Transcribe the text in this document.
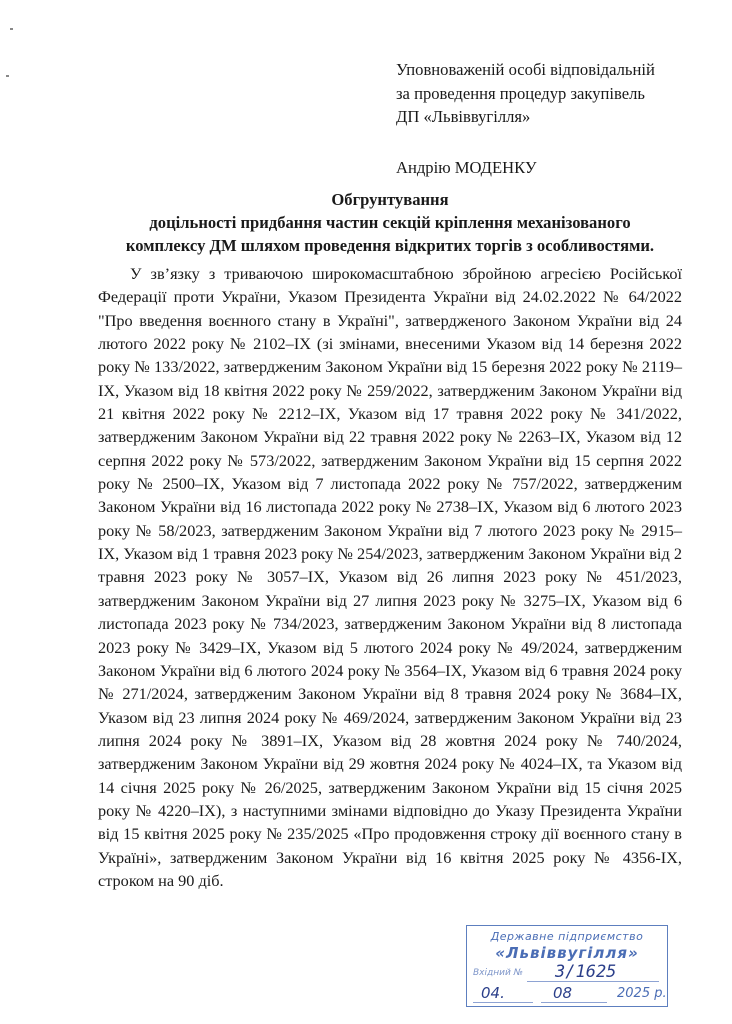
Уповноваженій особі відповідальній
за проведення процедур закупівель
ДП «Львіввугілля»
Андрію МОДЕНКУ
Обгрунтування
доцільності придбання частин секцій кріплення механізованого
комплексу ДМ шляхом проведення відкритих торгів з особливостями.

У зв’язку з триваючою широкомасштабною збройною агресією Російської Федерації проти України, Указом Президента України від 24.02.2022 № 64/2022 "Про введення воєнного стану в Україні", затвердженого Законом України від 24 лютого 2022 року № 2102–IX (зі змінами, внесеними Указом від 14 березня 2022 року № 133/2022, затвердженим Законом України від 15 березня 2022 року № 2119–IX, Указом від 18 квітня 2022 року № 259/2022, затвердженим Законом України від 21 квітня 2022 року № 2212–IX, Указом від 17 травня 2022 року № 341/2022, затвердженим Законом України від 22 травня 2022 року № 2263–IX, Указом від 12 серпня 2022 року № 573/2022, затвердженим Законом України від 15 серпня 2022 року № 2500–IX, Указом від 7 листопада 2022 року № 757/2022, затвердженим Законом України від 16 листопада 2022 року № 2738–IX, Указом від 6 лютого 2023 року № 58/2023, затвердженим Законом України від 7 лютого 2023 року № 2915–IX, Указом від 1 травня 2023 року № 254/2023, затвердженим Законом України від 2 травня 2023 року № 3057–IX, Указом від 26 липня 2023 року № 451/2023, затвердженим Законом України від 27 липня 2023 року № 3275–IX, Указом від 6 листопада 2023 року № 734/2023, затвердженим Законом України від 8 листопада 2023 року № 3429–IX, Указом від 5 лютого 2024 року № 49/2024, затвердженим Законом України від 6 лютого 2024 року № 3564–IX, Указом від 6 травня 2024 року № 271/2024, затвердженим Законом України від 8 травня 2024 року № 3684–IX, Указом від 23 липня 2024 року № 469/2024, затвердженим Законом України від 23 липня 2024 року № 3891–IX, Указом від 28 жовтня 2024 року № 740/2024, затвердженим Законом України від 29 жовтня 2024 року № 4024–IX, та Указом від 14 січня 2025 року № 26/2025, затвердженим Законом України від 15 січня 2025 року № 4220–IX), з наступними змінами відповідно до Указу Президента України від 15 квітня 2025 року № 235/2025 «Про продовження строку дії воєнного стану в Україні», затвердженим Законом України від 16 квітня 2025 року № 4356-IX, строком на 90 діб.

Державне підприємство
«Львіввугілля»
Вхідний № 3/1625
04.	08	2025 р.
